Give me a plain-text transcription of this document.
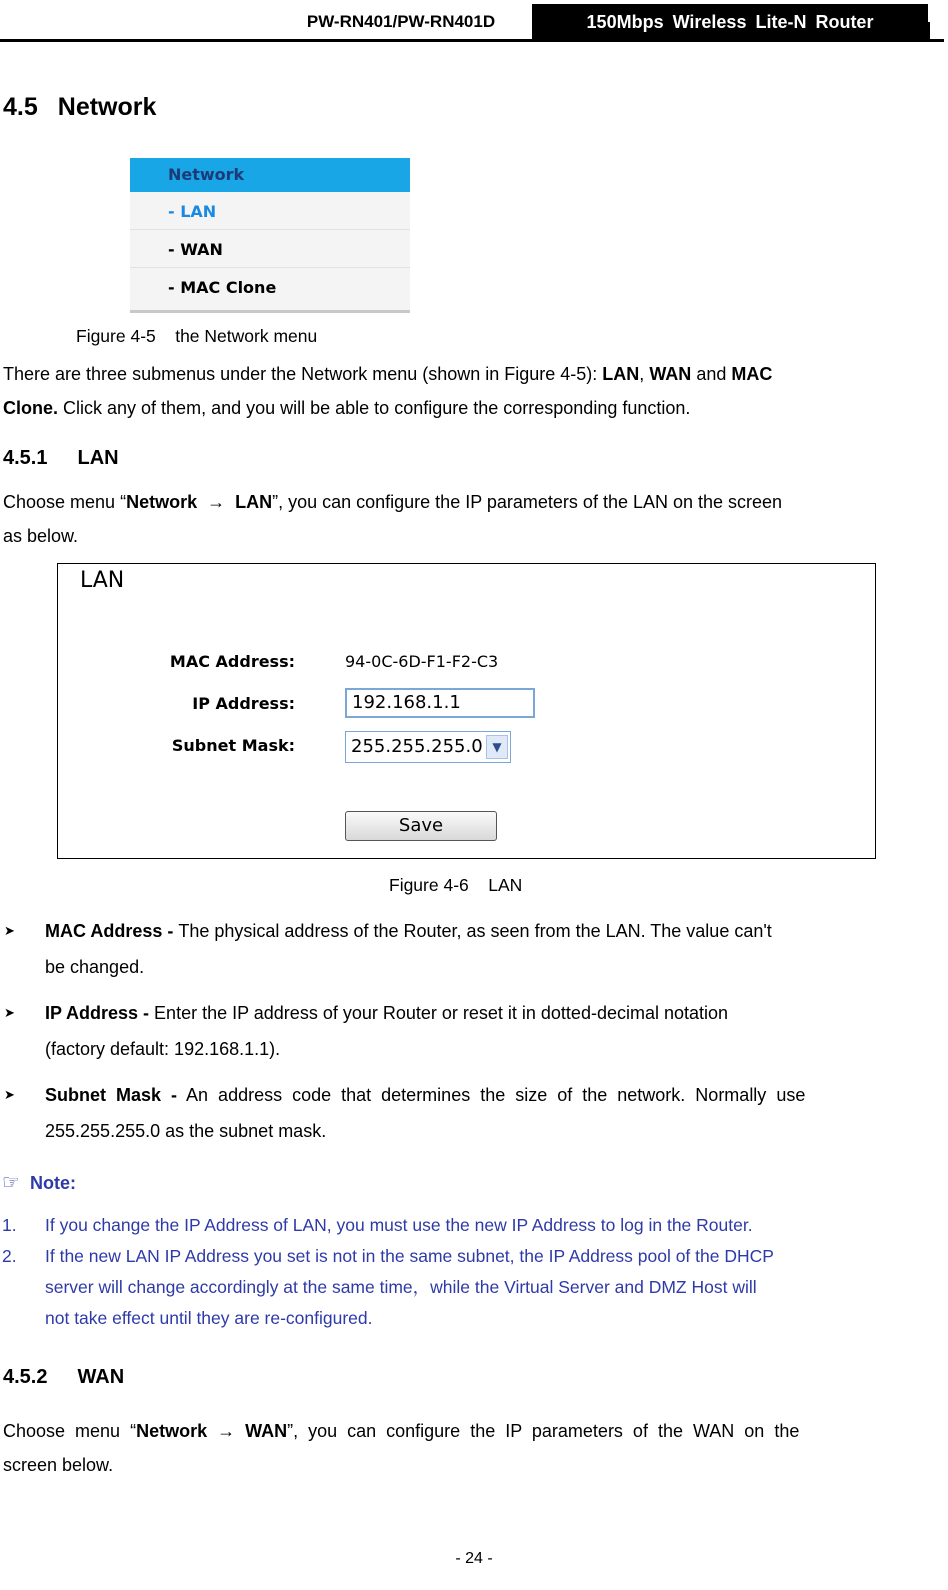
PW-RN401/PW-RN401D	150Mbps Wireless Lite-N Router
4.5 Network
Network
- LAN
- WAN
- MAC Clone
Figure 4-5    the Network menu
There are three submenus under the Network menu (shown in Figure 4-5): LAN, WAN and MAC
Clone. Click any of them, and you will be able to configure the corresponding function.
4.5.1 LAN
Choose menu “Network  →  LAN”, you can configure the IP parameters of the LAN on the screen
as below.
LAN
MAC Address:	94-0C-6D-F1-F2-C3
IP Address:	192.168.1.1
Subnet Mask:	255.255.255.0 ▼
Save
Figure 4-6    LAN
➤ MAC Address - The physical address of the Router, as seen from the LAN. The value can't
be changed.
➤ IP Address - Enter the IP address of your Router or reset it in dotted-decimal notation
(factory default: 192.168.1.1).
➤ Subnet  Mask  -  An  address  code  that  determines  the  size  of  the  network.  Normally  use
255.255.255.0 as the subnet mask.
☞ Note:
1. If you change the IP Address of LAN, you must use the new IP Address to log in the Router.
2. If the new LAN IP Address you set is not in the same subnet, the IP Address pool of the DHCP
server will change accordingly at the same time，while the Virtual Server and DMZ Host will
not take effect until they are re-configured.
4.5.2 WAN
Choose  menu  “Network  →  WAN”,  you  can  configure  the  IP  parameters  of  the  WAN  on  the
screen below.
- 24 -
